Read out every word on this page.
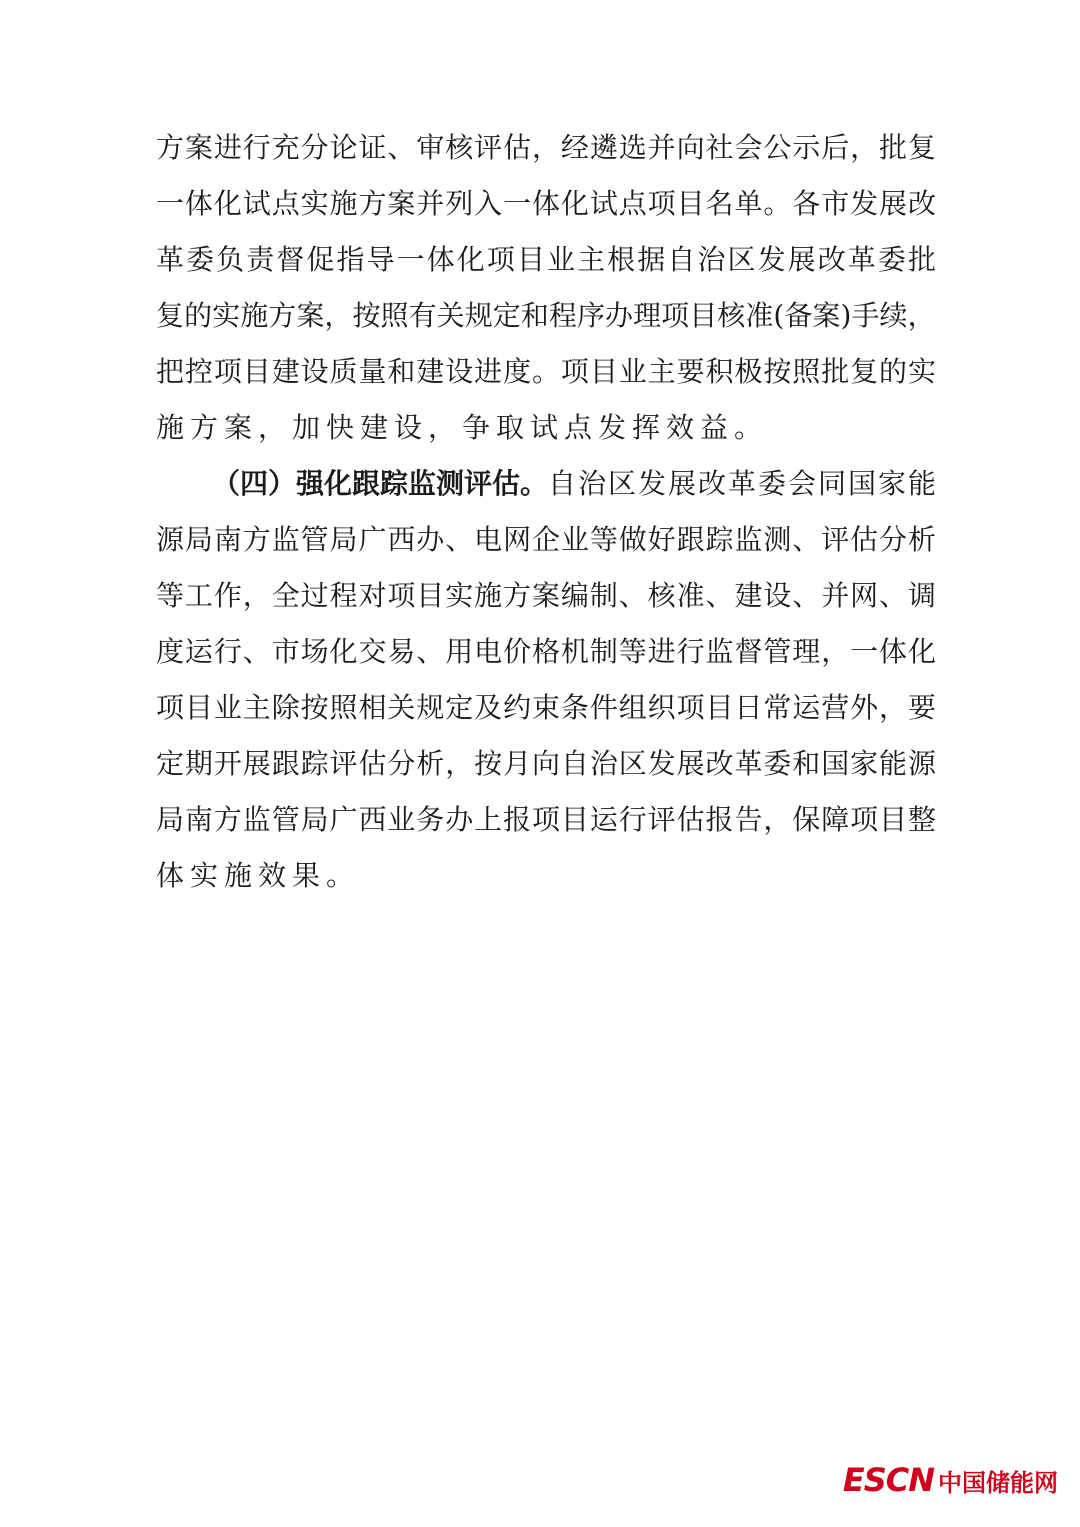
方 案 进 行 充 分 论 证 、 审 核 评 估 ， 经 遴 选 并 向 社 会 公 示 后 ， 批 复
一 体 化 试 点 实 施 方 案 并 列 入 一 体 化 试 点 项 目 名 单 。 各 市 发 展 改
革 委 负 责 督 促 指 导 一 体 化 项 目 业 主 根 据 自 治 区 发 展 改 革 委 批
复 的 实 施 方 案 ， 按 照 有 关 规 定 和 程 序 办 理 项 目 核 准 ( 备 案 ) 手 续 ，
把 控 项 目 建 设 质 量 和 建 设 进 度 。 项 目 业 主 要 积 极 按 照 批 复 的 实
施方案，加快建设，争取试点发挥效益。
（四）强化跟踪监测评估。 自治区发展改革委会同国家能
源 局 南 方 监 管 局 广 西 办 、 电 网 企 业 等 做 好 跟 踪 监 测 、 评 估 分 析
等 工 作 ， 全 过 程 对 项 目 实 施 方 案 编 制 、 核 准 、 建 设 、 并 网 、 调
度 运 行 、 市 场 化 交 易 、 用 电 价 格 机 制 等 进 行 监 督 管 理 ， 一 体 化
项 目 业 主 除 按 照 相 关 规 定 及 约 束 条 件 组 织 项 目 日 常 运 营 外 ， 要
定 期 开 展 跟 踪 评 估 分 析 ， 按 月 向 自 治 区 发 展 改 革 委 和 国 家 能 源
局 南 方 监 管 局 广 西 业 务 办 上 报 项 目 运 行 评 估 报 告 ， 保 障 项 目 整
体实施效果。
ESCN 中国储能网
